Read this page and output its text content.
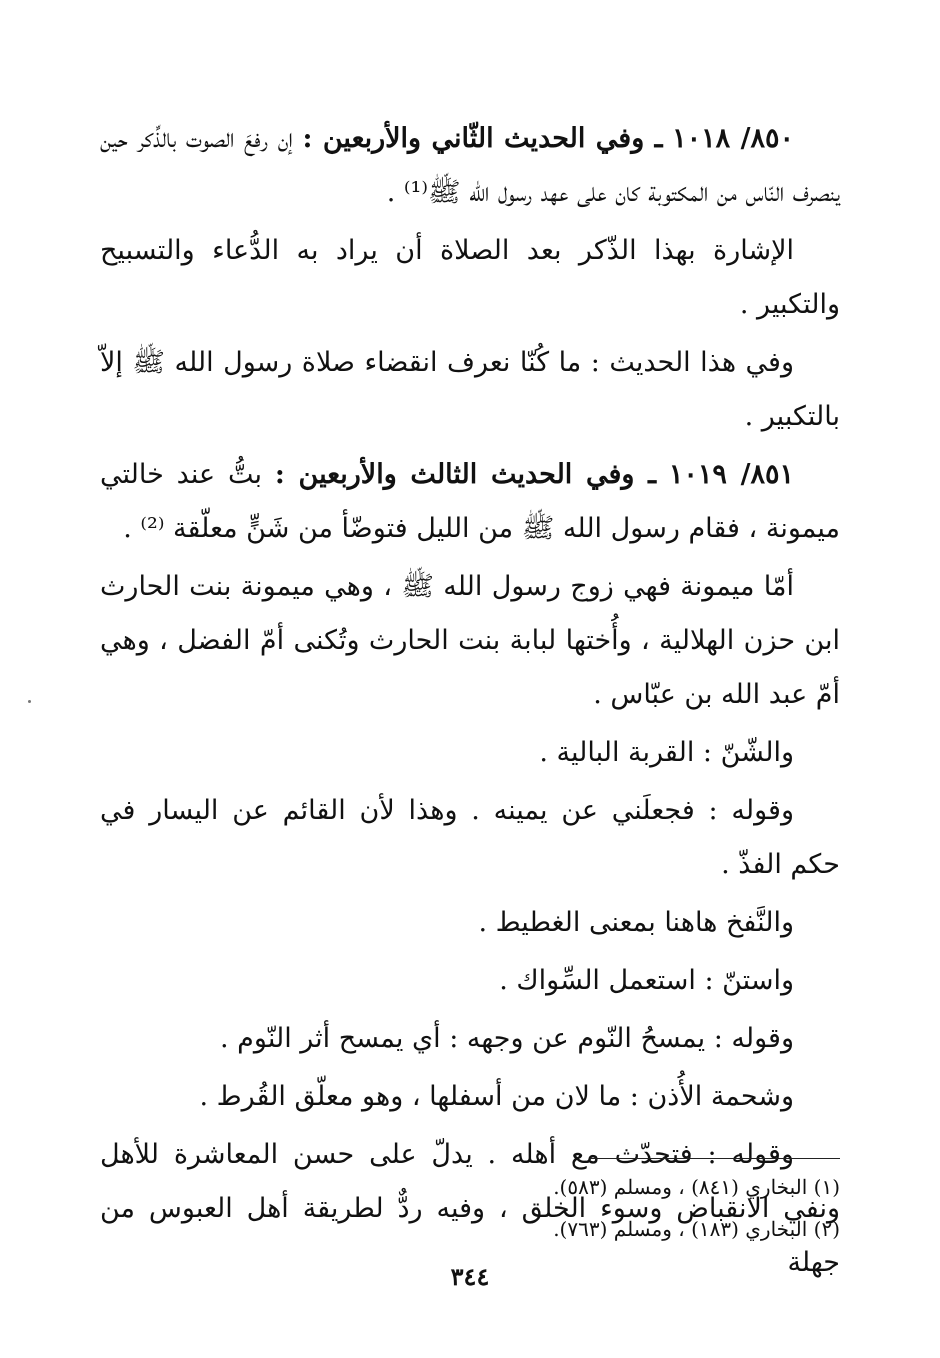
٨٥٠/ ١٠١٨ ـ وفي الحديث الثّاني والأربعين : إن رفعَ الصوت بالذِّكر حين ينصرف النّاس من المكتوبة كان على عهد رسول الله ﷺ⁽¹⁾ .

الإشارة بهذا الذّكر بعد الصلاة أن يراد به الدُّعاء والتسبيح والتكبير .

وفي هذا الحديث : ما كُنّا نعرف انقضاء صلاة رسول الله ﷺ إلاّ بالتكبير .

٨٥١/ ١٠١٩ ـ وفي الحديث الثالث والأربعين : بتُّ عند خالتي ميمونة ، فقام رسول الله ﷺ من الليل فتوضّأ من شَنٍّ معلّقة ⁽²⁾ .

أمّا ميمونة فهي زوج رسول الله ﷺ ، وهي ميمونة بنت الحارث ابن حزن الهلالية ، وأُختها لبابة بنت الحارث وتُكنى أمّ الفضل ، وهي أمّ عبد الله بن عبّاس .

والشّنّ : القربة البالية .

وقوله : فجعلَني عن يمينه . وهذا لأن القائم عن اليسار في حكم الفذّ .

والنَّفخ هاهنا بمعنى الغطيط .

واستنّ : استعمل السِّواك .

وقوله : يمسحُ النّوم عن وجهه : أي يمسح أثر النّوم .

وشحمة الأُذن : ما لان من أسفلها ، وهو معلّق القُرط .

وقوله : فتحدّث مع أهله . يدلّ على حسن المعاشرة للأهل ونفي الانقباض وسوء الخلق ، وفيه ردٌّ لطريقة أهل العبوس من جهلة

(١) البخاري (٨٤١) ، ومسلم (٥٨٣).
(٢) البخاري (١٨٣) ، ومسلم (٧٦٣).
٣٤٤
